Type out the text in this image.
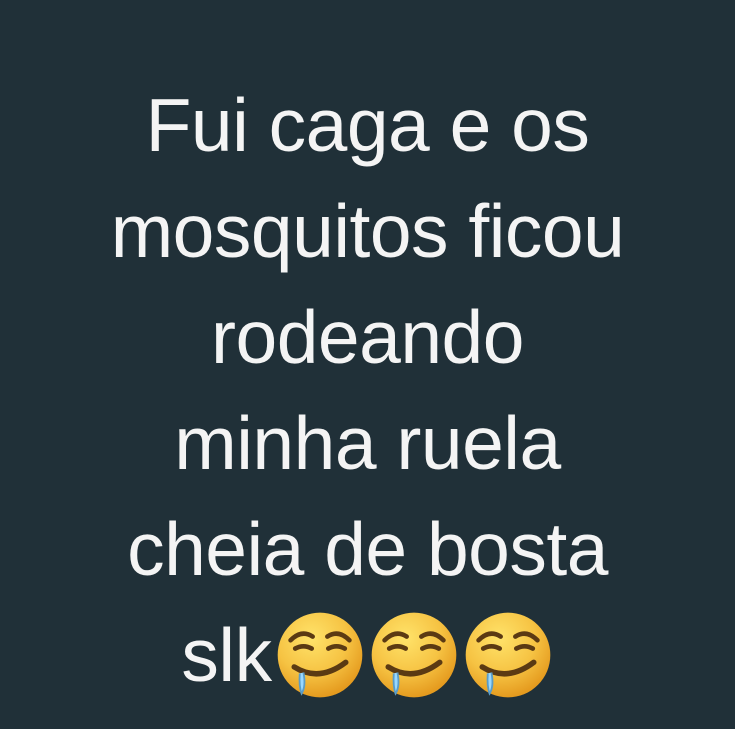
Fui caga e os
mosquitos ficou
rodeando
minha ruela
cheia de bosta
slk
